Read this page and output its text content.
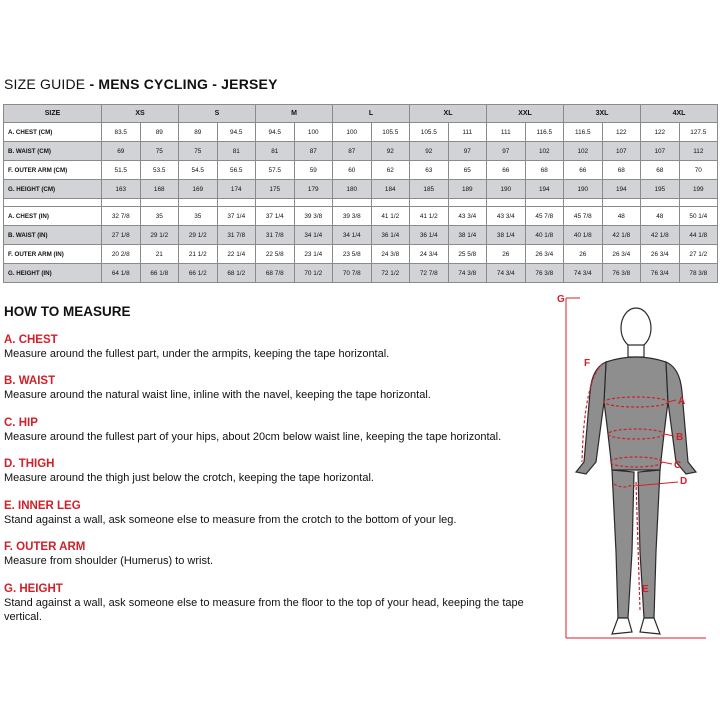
SIZE GUIDE - MENS CYCLING - JERSEY
SIZE	XS		S		M		L		XL		XXL		3XL		4XL	
A. CHEST (CM)	83.5	89	89	94.5	94.5	100	100	105.5	105.5	111	111	116.5	116.5	122	122	127.5
B. WAIST (CM)	69	75	75	81	81	87	87	92	92	97	97	102	102	107	107	112
F. OUTER ARM (CM)	51.5	53.5	54.5	56.5	57.5	59	60	62	63	65	66	68	66	68	68	70
G. HEIGHT (CM)	163	168	169	174	175	179	180	184	185	189	190	194	190	194	195	199

A. CHEST (IN)	32 7/8	35	35	37 1/4	37 1/4	39 3/8	39 3/8	41 1/2	41 1/2	43 3/4	43 3/4	45 7/8	45 7/8	48	48	50 1/4
B. WAIST (IN)	27 1/8	29 1/2	29 1/2	31 7/8	31 7/8	34 1/4	34 1/4	36 1/4	36 1/4	38 1/4	38 1/4	40 1/8	40 1/8	42 1/8	42 1/8	44 1/8
F. OUTER ARM (IN)	20 2/8	21	21 1/2	22 1/4	22 5/8	23 1/4	23 5/8	24 3/8	24 3/4	25 5/8	26	26 3/4	26	26 3/4	26 3/4	27 1/2
G. HEIGHT (IN)	64 1/8	66 1/8	66 1/2	68 1/2	68 7/8	70 1/2	70 7/8	72 1/2	72 7/8	74 3/8	74 3/4	76 3/8	74 3/4	76 3/8	76 3/4	78 3/8
HOW TO MEASURE
A. CHEST
Measure around the fullest part, under the armpits, keeping the tape horizontal.
B. WAIST
Measure around the natural waist line, inline with the navel, keeping the tape horizontal.
C. HIP
Measure around the fullest part of your hips, about 20cm below waist line, keeping the tape horizontal.
D. THIGH
Measure around the thigh just below the crotch, keeping the tape horizontal.
E. INNER LEG
Stand against a wall, ask someone else to measure from the crotch to the bottom of your leg.
F. OUTER ARM
Measure from shoulder (Humerus) to wrist.
G. HEIGHT
Stand against a wall, ask someone else to measure from the floor to the top of your head, keeping the tape vertical.
G
F
A
B
C
D
E
